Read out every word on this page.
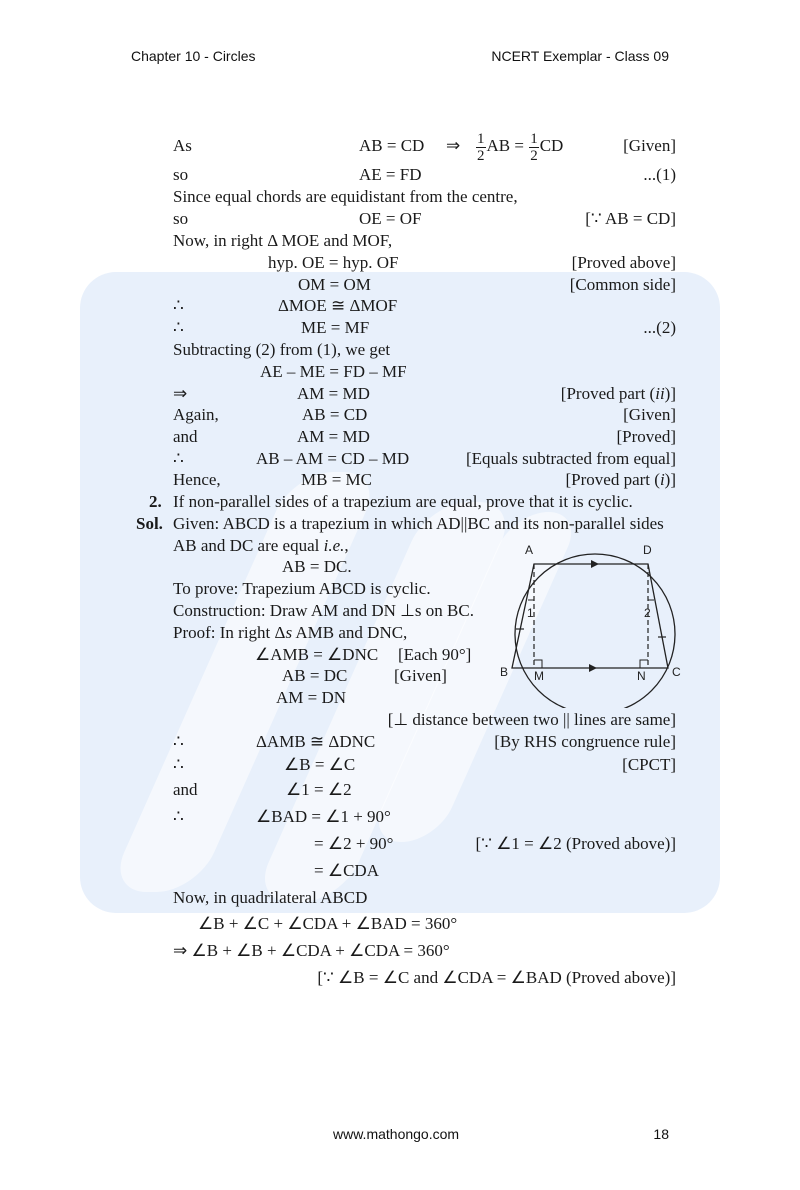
Chapter 10 - Circles	NCERT Exemplar - Class 09
As	AB = CD ⇒ $\frac{1}{2}$ AB = $\frac{1}{2}$ CD	[Given]
so	AE = FD	...(1)
Since equal chords are equidistant from the centre,
so	OE = OF	[∵ AB = CD]
Now, in right Δ MOE and MOF,
hyp. OE = hyp. OF	[Proved above]
OM = OM	[Common side]
∴	ΔMOE ≅ ΔMOF
∴	ME = MF	...(2)
Subtracting (2) from (1), we get
AE – ME = FD – MF
⇒	AM = MD	[Proved part (ii)]
Again,	AB = CD	[Given]
and	AM = MD	[Proved]
∴	AB – AM = CD – MD	[Equals subtracted from equal]
Hence,	MB = MC	[Proved part (i)]
2. If non-parallel sides of a trapezium are equal, prove that it is cyclic.
Sol. Given: ABCD is a trapezium in which AD||BC and its non-parallel sides
AB and DC are equal i.e.,
AB = DC.
To prove: Trapezium ABCD is cyclic.
Construction: Draw AM and DN ⊥s on BC.
Proof: In right Δs AMB and DNC,
∠AMB = ∠DNC [Each 90°]
AB = DC	[Given]
AM = DN
[⊥ distance between two || lines are same]
∴	ΔAMB ≅ ΔDNC	[By RHS congruence rule]
∴	∠B = ∠C	[CPCT]
and	∠1 = ∠2
∴	∠BAD = ∠1 + 90°
= ∠2 + 90°	[∵ ∠1 = ∠2 (Proved above)]
= ∠CDA
Now, in quadrilateral ABCD
∠B + ∠C + ∠CDA + ∠BAD = 360°
⇒ ∠B + ∠B + ∠CDA + ∠CDA = 360°
[∵ ∠B = ∠C and ∠CDA = ∠BAD (Proved above)]
A	D
B M	N C
1	2
www.mathongo.com	18
